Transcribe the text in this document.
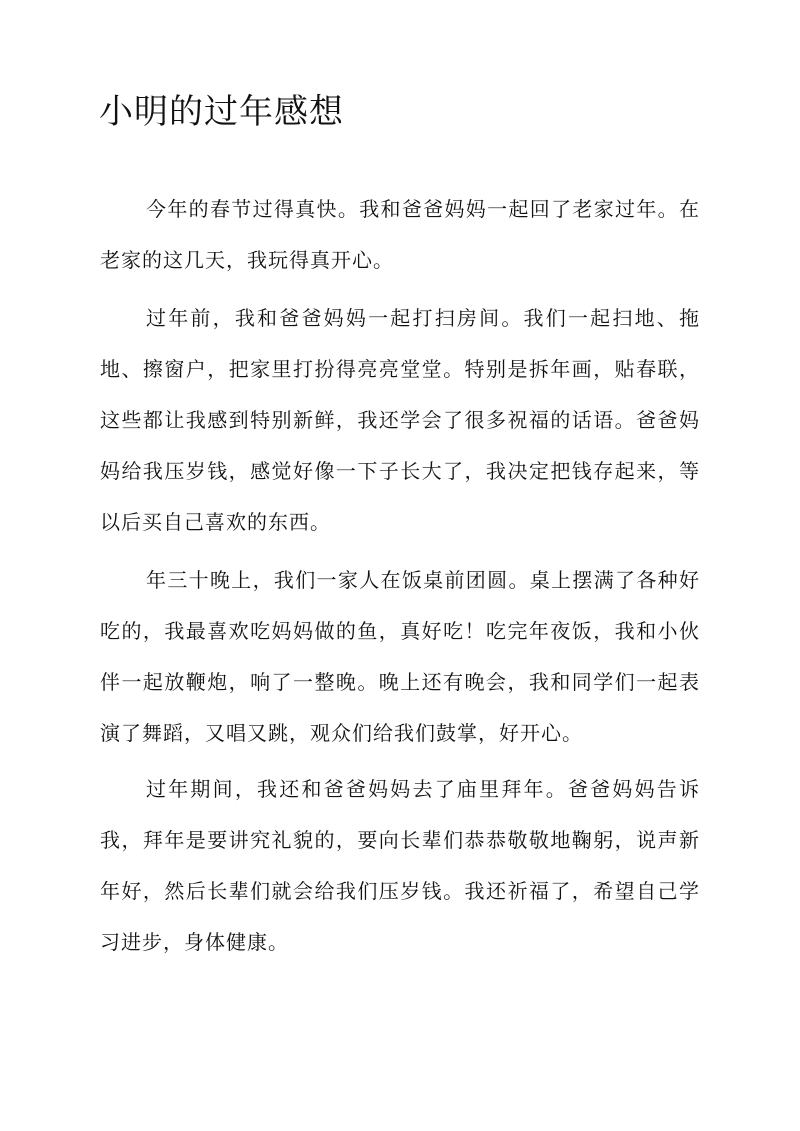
小明的过年感想

今年的春节过得真快。我和爸爸妈妈一起回了老家过年。在老家的这几天，我玩得真开心。

过年前，我和爸爸妈妈一起打扫房间。我们一起扫地、拖地、擦窗户，把家里打扮得亮亮堂堂。特别是拆年画，贴春联，这些都让我感到特别新鲜，我还学会了很多祝福的话语。爸爸妈妈给我压岁钱，感觉好像一下子长大了，我决定把钱存起来，等以后买自己喜欢的东西。

年三十晚上，我们一家人在饭桌前团圆。桌上摆满了各种好吃的，我最喜欢吃妈妈做的鱼，真好吃！吃完年夜饭，我和小伙伴一起放鞭炮，响了一整晚。晚上还有晚会，我和同学们一起表演了舞蹈，又唱又跳，观众们给我们鼓掌，好开心。

过年期间，我还和爸爸妈妈去了庙里拜年。爸爸妈妈告诉我，拜年是要讲究礼貌的，要向长辈们恭恭敬敬地鞠躬，说声新年好，然后长辈们就会给我们压岁钱。我还祈福了，希望自己学习进步，身体健康。
